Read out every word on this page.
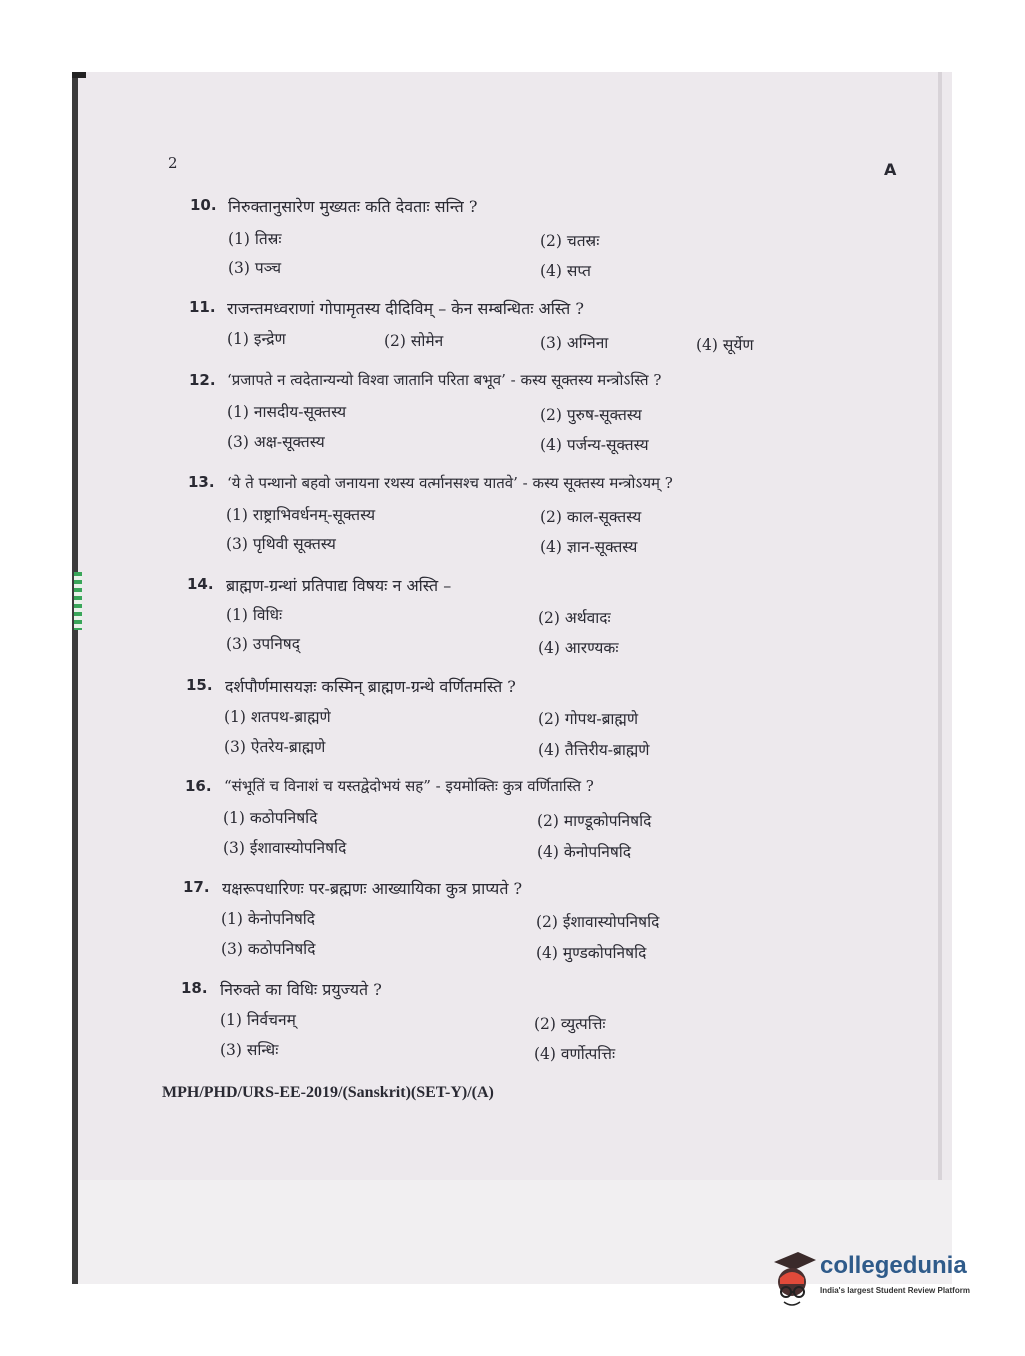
2	A
10. निरुक्तानुसारेण मुख्यतः कति देवताः सन्ति ?
(1) तिस्रः	(2) चतस्रः
(3) पञ्च	(4) सप्त
11. राजन्तमध्वराणां गोपामृतस्य दीदिविम् – केन सम्बन्धितः अस्ति ?
(1) इन्द्रेण	(2) सोमेन	(3) अग्निना	(4) सूर्येण
12. ‘प्रजापते न त्वदेतान्यन्यो विश्वा जातानि परिता बभूव’ - कस्य सूक्तस्य मन्त्रोऽस्ति ?
(1) नासदीय-सूक्तस्य	(2) पुरुष-सूक्तस्य
(3) अक्ष-सूक्तस्य	(4) पर्जन्य-सूक्तस्य
13. ‘ये ते पन्थानो बहवो जनायना रथस्य वर्त्मानसश्च यातवे’ - कस्य सूक्तस्य मन्त्रोऽयम् ?
(1) राष्ट्राभिवर्धनम्-सूक्तस्य	(2) काल-सूक्तस्य
(3) पृथिवी सूक्तस्य	(4) ज्ञान-सूक्तस्य
14. ब्राह्मण-ग्रन्थां प्रतिपाद्य विषयः न अस्ति –
(1) विधिः	(2) अर्थवादः
(3) उपनिषद्	(4) आरण्यकः
15. दर्शपौर्णमासयज्ञः कस्मिन् ब्राह्मण-ग्रन्थे वर्णितमस्ति ?
(1) शतपथ-ब्राह्मणे	(2) गोपथ-ब्राह्मणे
(3) ऐतरेय-ब्राह्मणे	(4) तैत्तिरीय-ब्राह्मणे
16. “संभूतिं च विनाशं च यस्तद्वेदोभयं सह” - इयमोक्तिः कुत्र वर्णितास्ति ?
(1) कठोपनिषदि	(2) माण्डूकोपनिषदि
(3) ईशावास्योपनिषदि	(4) केनोपनिषदि
17. यक्षरूपधारिणः पर-ब्रह्मणः आख्यायिका कुत्र प्राप्यते ?
(1) केनोपनिषदि	(2) ईशावास्योपनिषदि
(3) कठोपनिषदि	(4) मुण्डकोपनिषदि
18. निरुक्ते का विधिः प्रयुज्यते ?
(1) निर्वचनम्	(2) व्युत्पत्तिः
(3) सन्धिः	(4) वर्णोत्पत्तिः
MPH/PHD/URS-EE-2019/(Sanskrit)(SET-Y)/(A)
collegedunia
India's largest Student Review Platform
